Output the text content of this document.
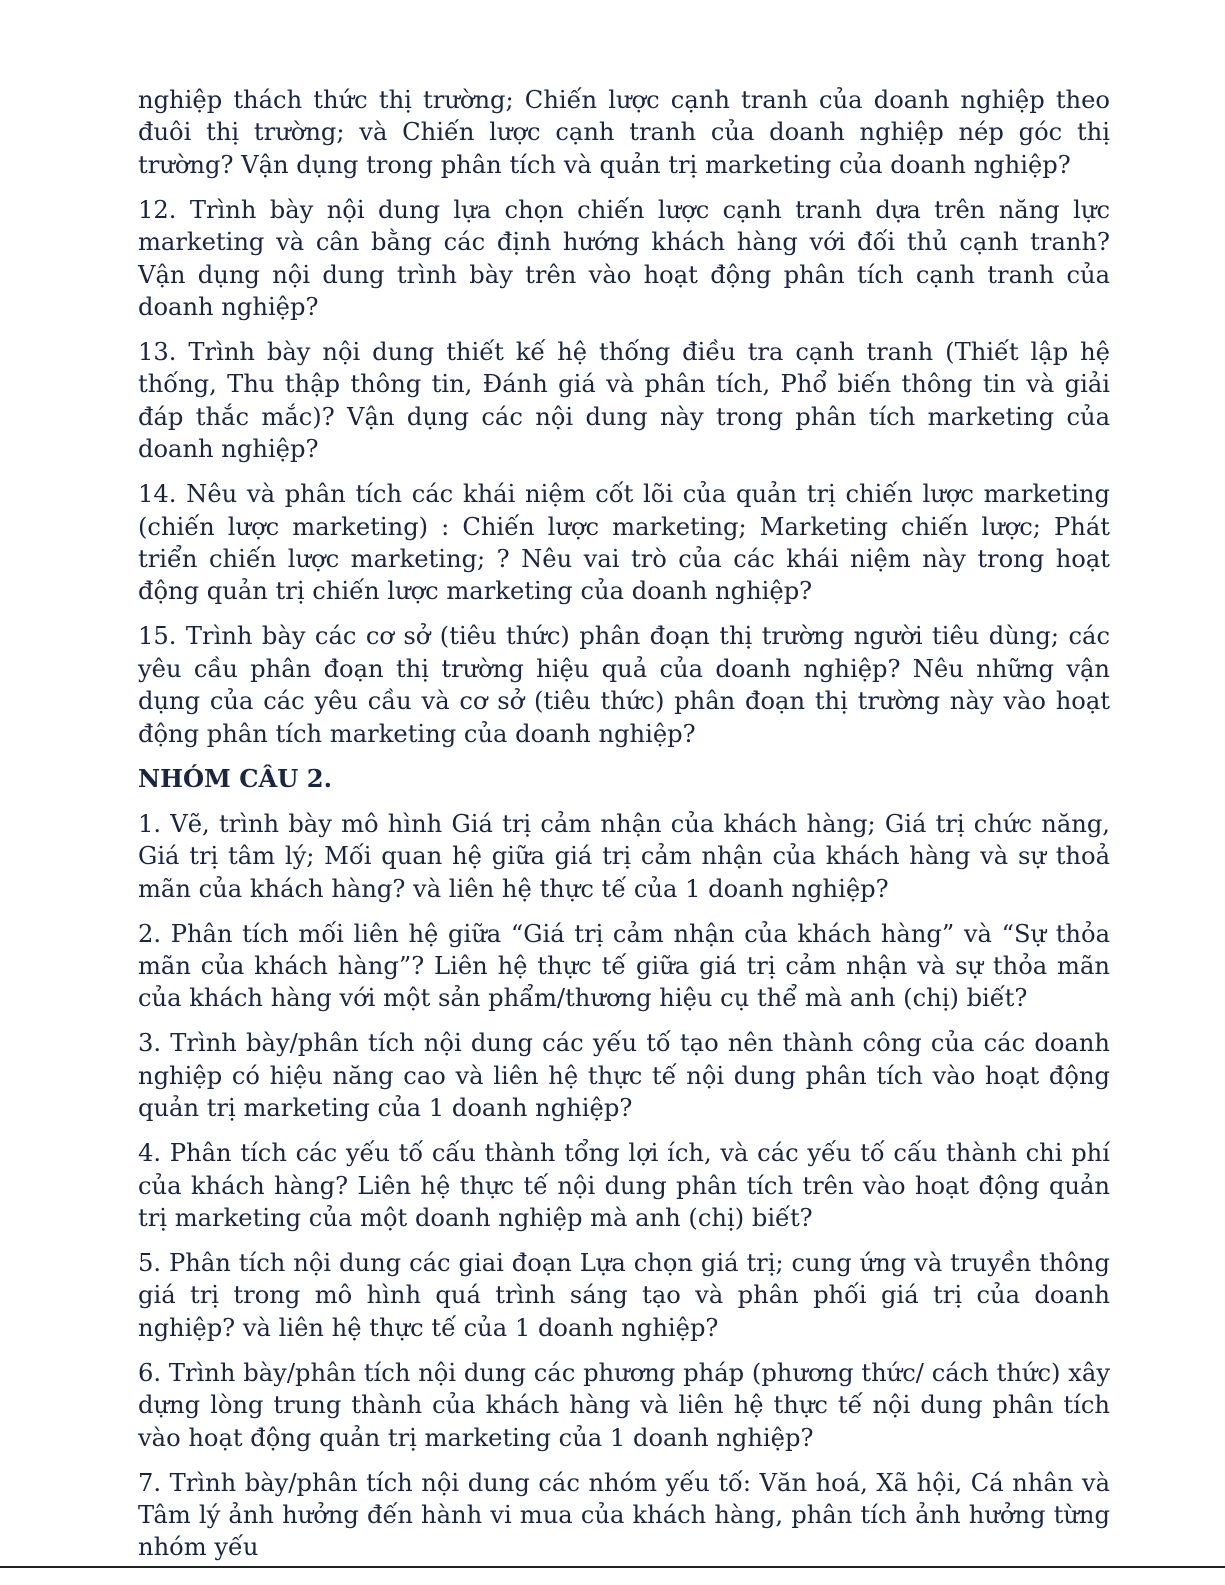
nghiệp thách thức thị trường; Chiến lược cạnh tranh của doanh nghiệp theo đuôi thị trường; và Chiến lược cạnh tranh của doanh nghiệp nép góc thị trường? Vận dụng trong phân tích và quản trị marketing của doanh nghiệp?

12. Trình bày nội dung lựa chọn chiến lược cạnh tranh dựa trên năng lực marketing và cân bằng các định hướng khách hàng với đối thủ cạnh tranh? Vận dụng nội dung trình bày trên vào hoạt động phân tích cạnh tranh của doanh nghiệp?

13. Trình bày nội dung thiết kế hệ thống điều tra cạnh tranh (Thiết lập hệ thống, Thu thập thông tin, Đánh giá và phân tích, Phổ biến thông tin và giải đáp thắc mắc)? Vận dụng các nội dung này trong phân tích marketing của doanh nghiệp?

14. Nêu và phân tích các khái niệm cốt lõi của quản trị chiến lược marketing (chiến lược marketing) : Chiến lược marketing; Marketing chiến lược; Phát triển chiến lược marketing; ? Nêu vai trò của các khái niệm này trong hoạt động quản trị chiến lược marketing của doanh nghiệp?

15. Trình bày các cơ sở (tiêu thức) phân đoạn thị trường người tiêu dùng; các yêu cầu phân đoạn thị trường hiệu quả của doanh nghiệp? Nêu những vận dụng của các yêu cầu và cơ sở (tiêu thức) phân đoạn thị trường này vào hoạt động phân tích marketing của doanh nghiệp?

NHÓM CÂU 2.

1. Vẽ, trình bày mô hình Giá trị cảm nhận của khách hàng; Giá trị chức năng, Giá trị tâm lý; Mối quan hệ giữa giá trị cảm nhận của khách hàng và sự thoả mãn của khách hàng? và liên hệ thực tế của 1 doanh nghiệp?

2. Phân tích mối liên hệ giữa “Giá trị cảm nhận của khách hàng” và “Sự thỏa mãn của khách hàng”? Liên hệ thực tế giữa giá trị cảm nhận và sự thỏa mãn của khách hàng với một sản phẩm/thương hiệu cụ thể mà anh (chị) biết?

3. Trình bày/phân tích nội dung các yếu tố tạo nên thành công của các doanh nghiệp có hiệu năng cao và liên hệ thực tế nội dung phân tích vào hoạt động quản trị marketing của 1 doanh nghiệp?

4. Phân tích các yếu tố cấu thành tổng lợi ích, và các yếu tố cấu thành chi phí của khách hàng? Liên hệ thực tế nội dung phân tích trên vào hoạt động quản trị marketing của một doanh nghiệp mà anh (chị) biết?

5. Phân tích nội dung các giai đoạn Lựa chọn giá trị; cung ứng và truyền thông giá trị trong mô hình quá trình sáng tạo và phân phối giá trị của doanh nghiệp? và liên hệ thực tế của 1 doanh nghiệp?

6. Trình bày/phân tích nội dung các phương pháp (phương thức/ cách thức) xây dựng lòng trung thành của khách hàng và liên hệ thực tế nội dung phân tích vào hoạt động quản trị marketing của 1 doanh nghiệp?

7. Trình bày/phân tích nội dung các nhóm yếu tố: Văn hoá, Xã hội, Cá nhân và Tâm lý ảnh hưởng đến hành vi mua của khách hàng, phân tích ảnh hưởng từng nhóm yếu
